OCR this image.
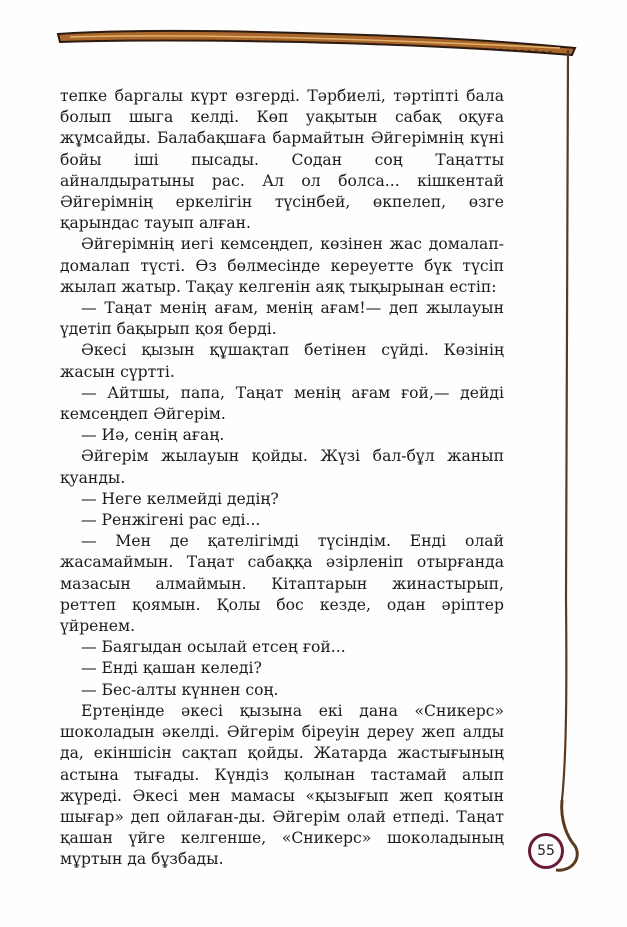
тепке баргалы күрт өзгерді. Тәрбиелі, тәртіпті бала болып шыга келді. Көп уақытын сабақ оқуға жұмсайды. Балабақшаға бармайтын Әйгерімнің күні бойы іші пысады. Содан соң Таңатты айналдыратыны рас. Ал ол болса... кішкентай Әйгерімнің еркелігін түсінбей, өкпелеп, өзге қарындас тауып алған.

Әйгерімнің иегі кемсеңдеп, көзінен жас домалап-домалап түсті. Өз бөлмесінде кереуетте бүк түсіп жылап жатыр. Тақау келгенін аяқ тықырынан естіп:

— Таңат менің ағам, менің ағам!— деп жылауын үдетіп бақырып қоя берді.

Әкесі қызын құшақтап бетінен сүйді. Көзінің жасын сүртті.

— Айтшы, папа, Таңат менің ағам ғой,— дейді кемсеңдеп Әйгерім.

— Иә, сенің ағаң.

Әйгерім жылауын қойды. Жүзі бал-бұл жанып қуанды.

— Неге келмейді дедің?

— Ренжігені рас еді...

— Мен де қателігімді түсіндім. Енді олай жасамаймын. Таңат сабаққа әзірленіп отырғанда мазасын алмаймын. Кітаптарын жинастырып, реттеп қоямын. Қолы бос кезде, одан әріптер үйренем.

— Баягыдан осылай етсең ғой...

— Енді қашан келеді?

— Бес-алты күннен соң.

Ертеңінде әкесі қызына екі дана «Сникерс» шоколадын әкелді. Әйгерім біреуін дереу жеп алды да, екіншісін сақтап қойды. Жатарда жастығының астына тығады. Күндіз қолынан тастамай алып жүреді. Әкесі мен мамасы «қызығып жеп қоятын шығар» деп ойлаған-ды. Әйгерім олай етпеді. Таңат қашан үйге келгенше, «Сникерс» шоколадының мұртын да бұзбады.	55
